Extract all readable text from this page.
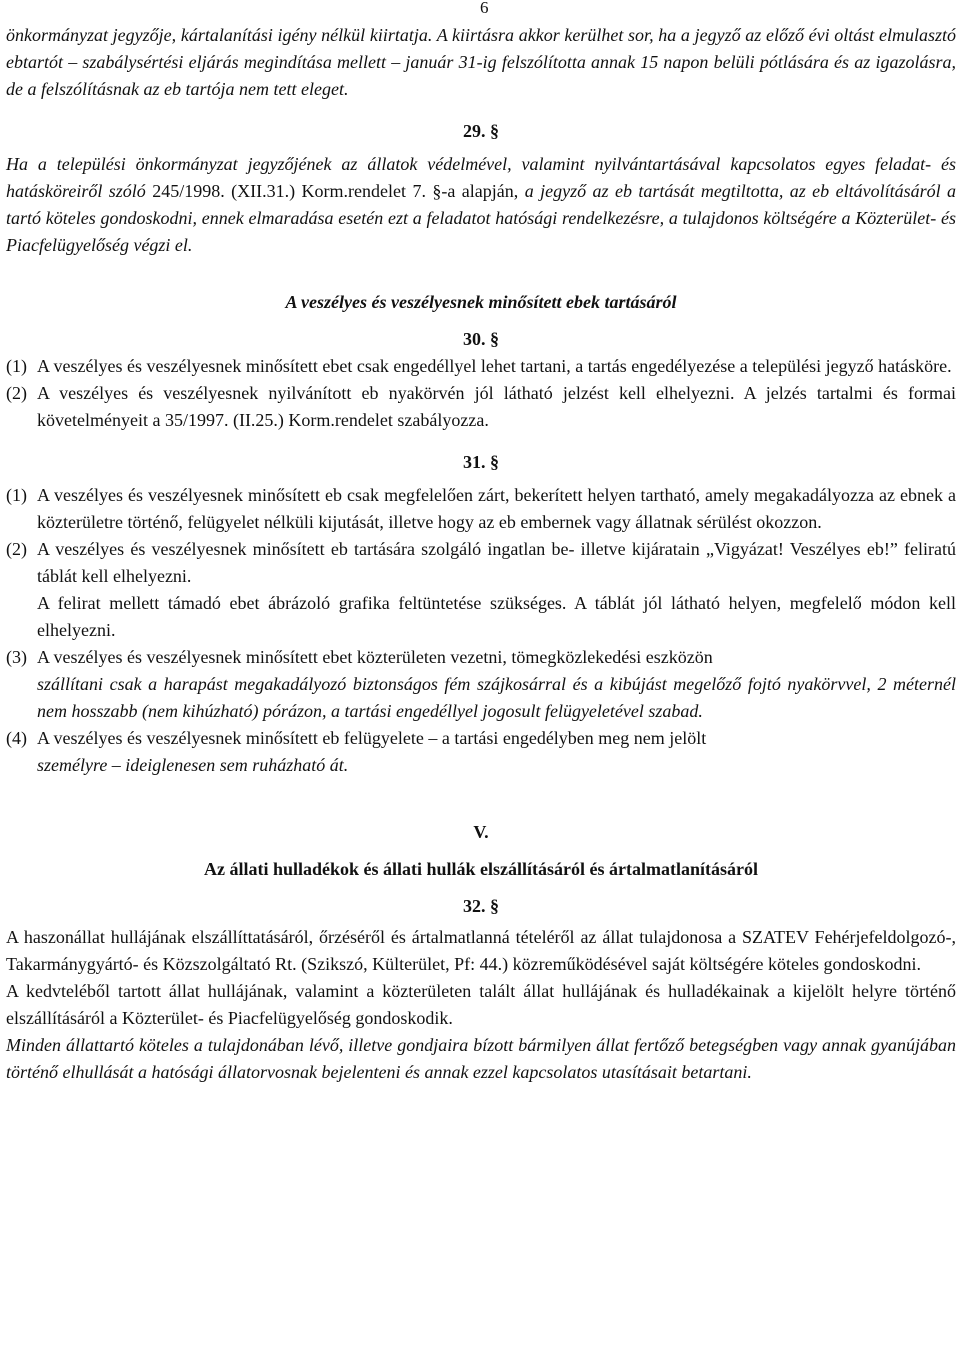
6

önkormányzat jegyzője, kártalanítási igény nélkül kiirtatja. A kiirtásra akkor kerülhet sor, ha a jegyző az előző évi oltást elmulasztó ebtartót – szabálysértési eljárás megindítása mellett – január 31-ig felszólította annak 15 napon belüli pótlására és az igazolásra, de a felszólításnak az eb tartója nem tett eleget.

29. §

Ha a települési önkormányzat jegyzőjének az állatok védelmével, valamint nyilvántartásával kapcsolatos egyes feladat- és hatásköreiről szóló 245/1998. (XII.31.) Korm.rendelet 7. §-a alapján, a jegyző az eb tartását megtiltotta, az eb eltávolításáról a tartó köteles gondoskodni, ennek elmaradása esetén ezt a feladatot hatósági rendelkezésre, a tulajdonos költségére a Közterület- és Piacfelügyelőség végzi el.

A veszélyes és veszélyesnek minősített ebek tartásáról

30. §

(1) A veszélyes és veszélyesnek minősített ebet csak engedéllyel lehet tartani, a tartás engedélyezése a települési jegyző hatásköre.
(2) A veszélyes és veszélyesnek nyilvánított eb nyakörvén jól látható jelzést kell elhelyezni. A jelzés tartalmi és formai követelményeit a 35/1997. (II.25.) Korm.rendelet szabályozza.

31. §

(1) A veszélyes és veszélyesnek minősített eb csak megfelelően zárt, bekerített helyen tartható, amely megakadályozza az ebnek a közterületre történő, felügyelet nélküli kijutását, illetve hogy az eb embernek vagy állatnak sérülést okozzon.
(2) A veszélyes és veszélyesnek minősített eb tartására szolgáló ingatlan be- illetve kijáratain „Vigyázat! Veszélyes eb!” feliratú táblát kell elhelyezni.

A felirat mellett támadó ebet ábrázoló grafika feltüntetése szükséges. A táblát jól látható helyen, megfelelő módon kell elhelyezni.

(3) A veszélyes és veszélyesnek minősített ebet közterületen vezetni, tömegközlekedési eszközön

szállítani csak a harapást megakadályozó biztonságos fém szájkosárral és a kibújást megelőző fojtó nyakörvvel, 2 méternél nem hosszabb (nem kihúzható) pórázon, a tartási engedéllyel jogosult felügyeletével szabad.

(4) A veszélyes és veszélyesnek minősített eb felügyelete – a tartási engedélyben meg nem jelölt

személyre – ideiglenesen sem ruházható át.

V.

Az állati hulladékok és állati hullák elszállításáról és ártalmatlanításáról

32. §

A haszonállat hullájának elszállíttatásáról, őrzéséről és ártalmatlanná tételéről az állat tulajdonosa a SZATEV Fehérjefeldolgozó-, Takarmánygyártó- és Közszolgáltató Rt. (Szikszó, Külterület, Pf: 44.) közreműködésével saját költségére köteles gondoskodni.

A kedvteléből tartott állat hullájának, valamint a közterületen talált állat hullájának és hulladékainak a kijelölt helyre történő elszállításáról a Közterület- és Piacfelügyelőség gondoskodik.

Minden állattartó köteles a tulajdonában lévő, illetve gondjaira bízott bármilyen állat fertőző betegségben vagy annak gyanújában történő elhullását a hatósági állatorvosnak bejelenteni és annak ezzel kapcsolatos utasításait betartani.
